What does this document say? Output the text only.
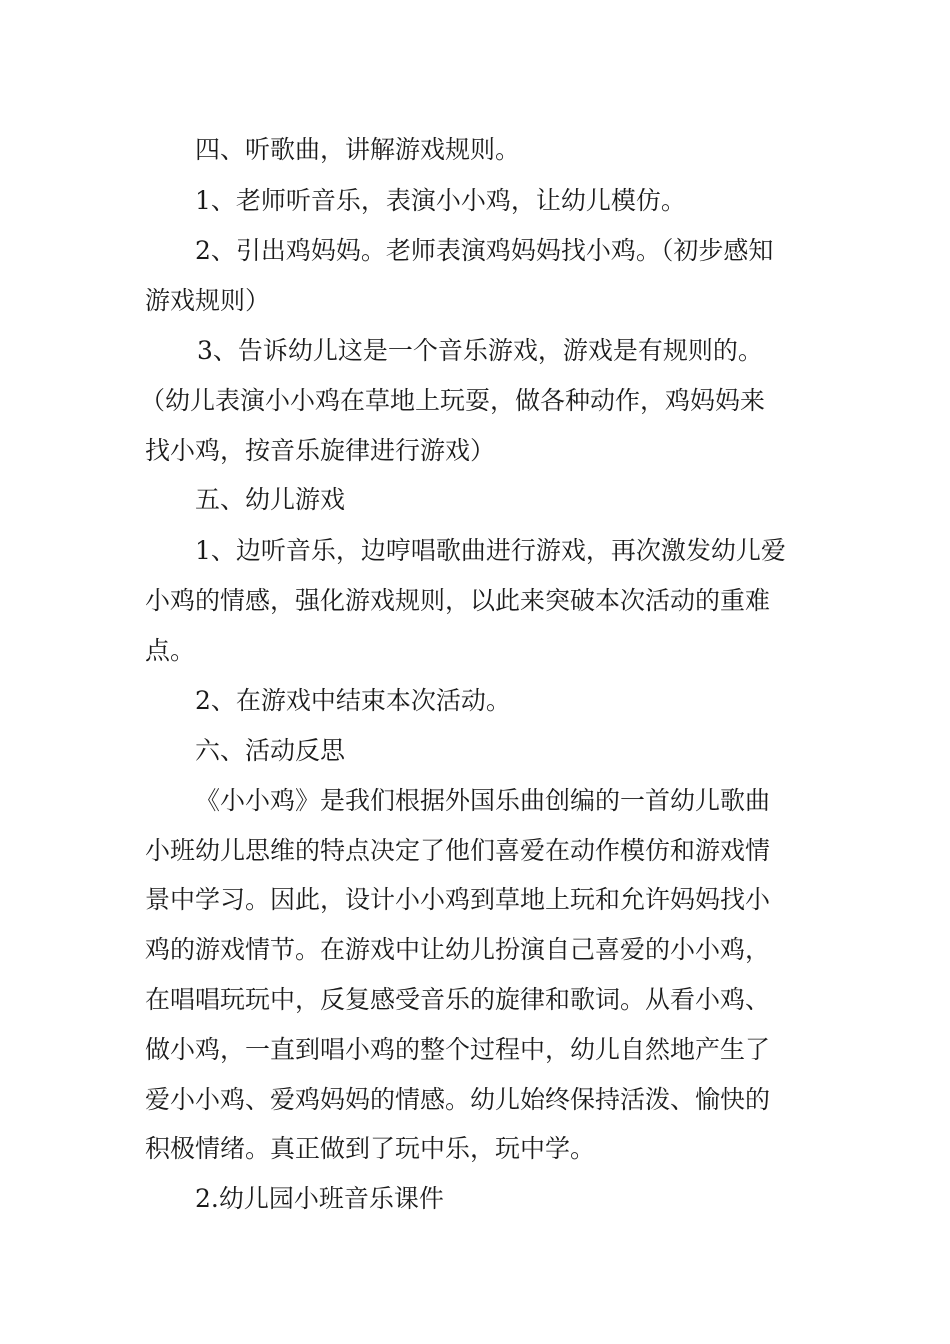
四、听歌曲，讲解游戏规则。
1、老师听音乐，表演小小鸡，让幼儿模仿。
2、引出鸡妈妈。老师表演鸡妈妈找小鸡。（初步感知
游戏规则）
3、告诉幼儿这是一个音乐游戏，游戏是有规则的。
（幼儿表演小小鸡在草地上玩耍，做各种动作，鸡妈妈来
找小鸡，按音乐旋律进行游戏）
五、幼儿游戏
1、边听音乐，边哼唱歌曲进行游戏，再次激发幼儿爱
小鸡的情感，强化游戏规则，以此来突破本次活动的重难
点。
2、在游戏中结束本次活动。
六、活动反思
《小小鸡》是我们根据外国乐曲创编的一首幼儿歌曲
小班幼儿思维的特点决定了他们喜爱在动作模仿和游戏情
景中学习。因此，设计小小鸡到草地上玩和允许妈妈找小
鸡的游戏情节。在游戏中让幼儿扮演自己喜爱的小小鸡，
在唱唱玩玩中，反复感受音乐的旋律和歌词。从看小鸡、
做小鸡，一直到唱小鸡的整个过程中，幼儿自然地产生了
爱小小鸡、爱鸡妈妈的情感。幼儿始终保持活泼、愉快的
积极情绪。真正做到了玩中乐，玩中学。
2.幼儿园小班音乐课件
